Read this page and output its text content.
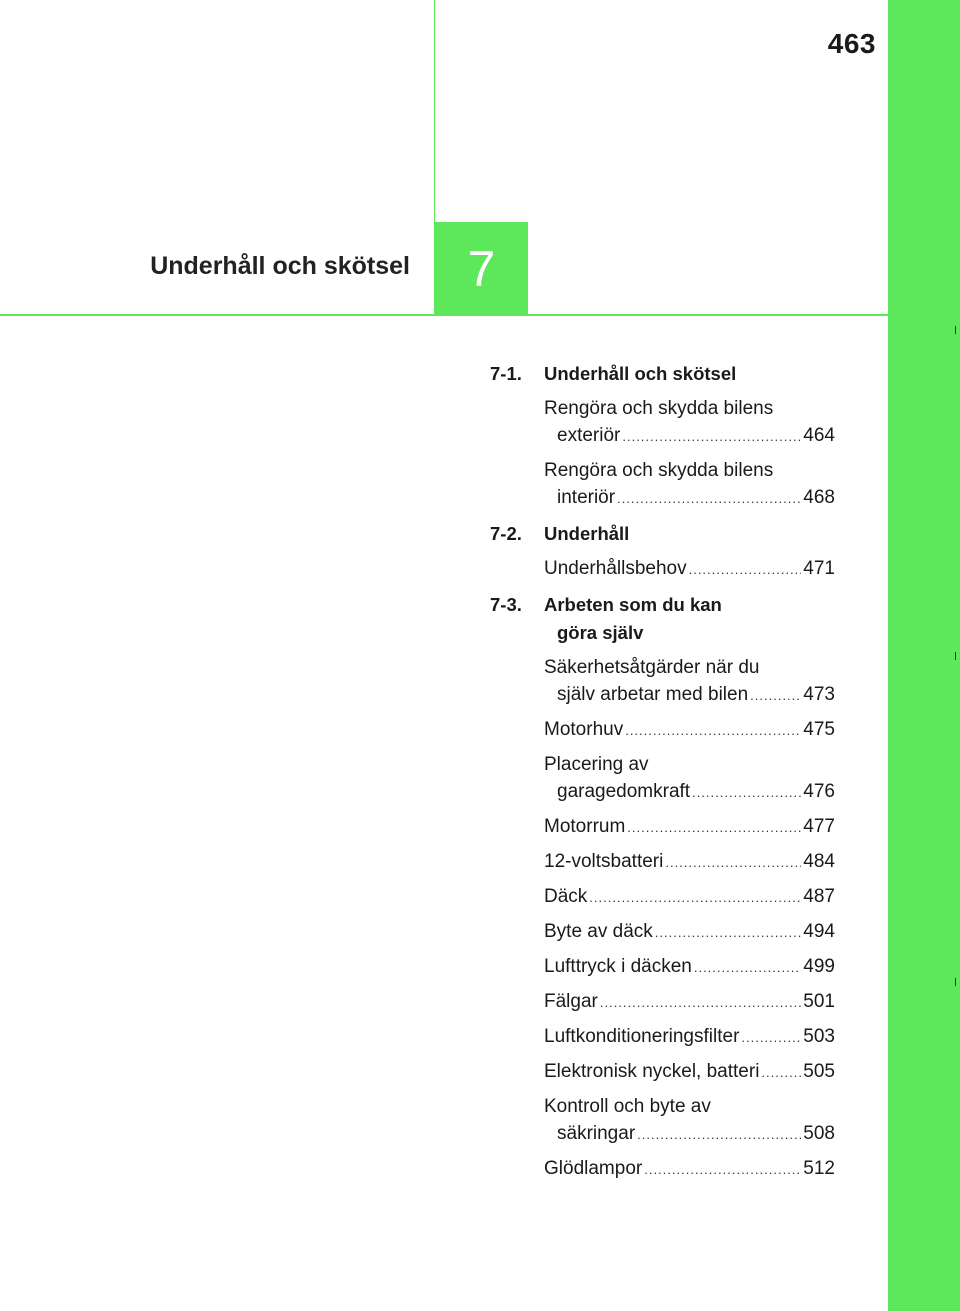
463
Underhåll och skötsel 7
7-1.	Underhåll och skötsel
Rengöra och skydda bilens
exteriör .....	464
Rengöra och skydda bilens
interiör .....	468
7-2.	Underhåll
Underhållsbehov .....	471
7-3.	Arbeten som du kan
göra själv
Säkerhetsåtgärder när du
själv arbetar med bilen .....	473
Motorhuv .....	475
Placering av
garagedomkraft .....	476
Motorrum .....	477
12-voltsbatteri .....	484
Däck .....	487
Byte av däck .....	494
Lufttryck i däcken .....	499
Fälgar .....	501
Luftkonditioneringsfilter .....	503
Elektronisk nyckel, batteri ..... 505
Kontroll och byte av
säkringar .....	508
Glödlampor .....	512
